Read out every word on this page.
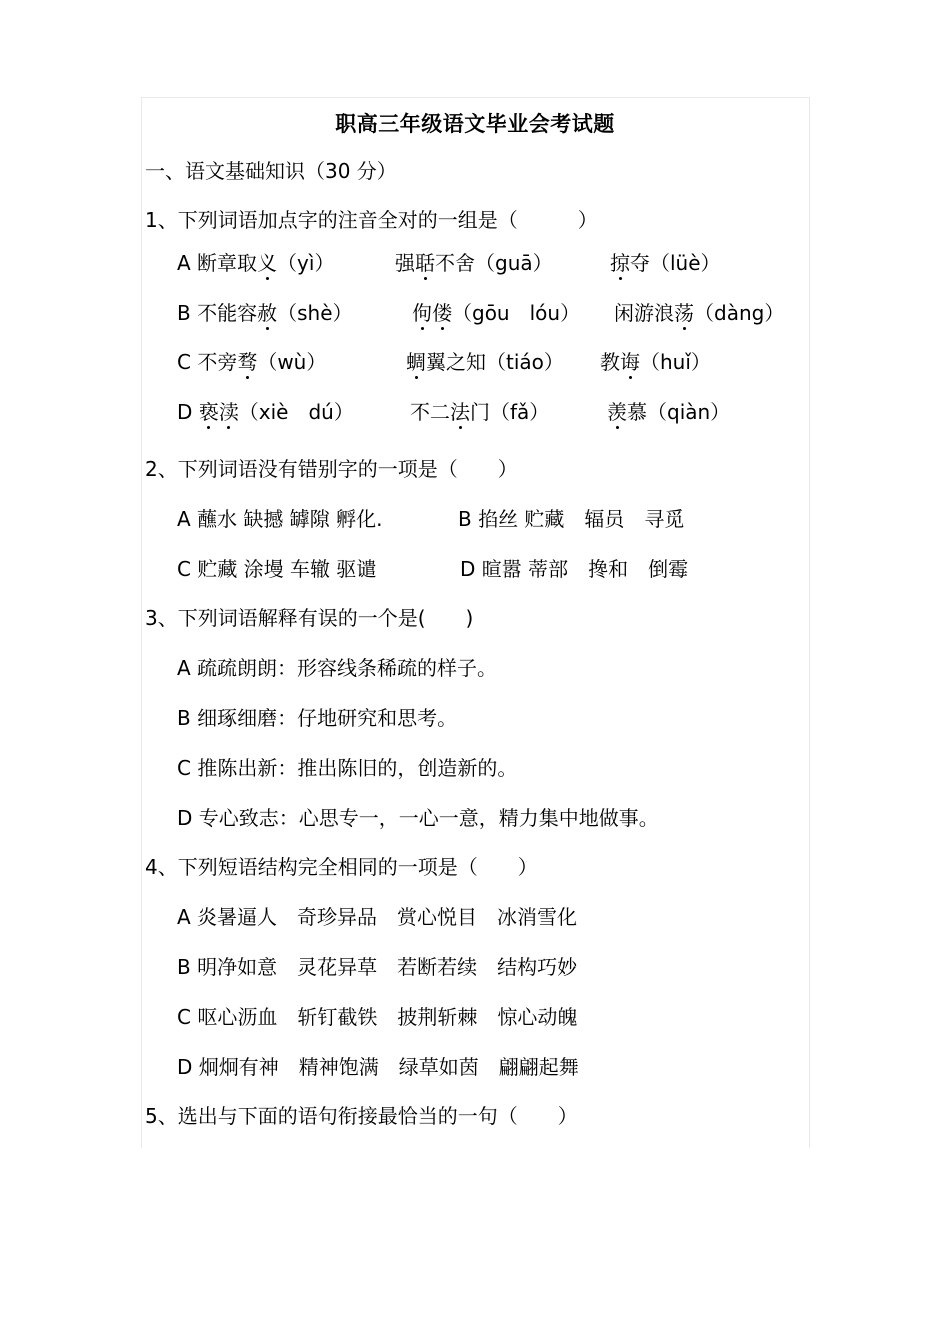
职高三年级语文毕业会考试题
一、语文基础知识（30 分）
1、下列词语加点字的注音全对的一组是（　　　）
A 断章取义（yì）	强聒不舍（guā）	掠夺（lüè）
B 不能容赦（shè）	佝偻（gōu　lóu） 闲游浪荡（dàng）
C 不旁骛（wù）	蜩翼之知（tiáo） 教诲（huǐ）
D 亵渎（xiè　dú）	不二法门（fǎ）	羡慕（qiàn）
2、下列词语没有错别字的一项是（　　）
A 蘸水 缺撼 罅隙 孵化.	B 掐丝 贮藏　辐员　寻觅
C 贮藏 涂墁 车辙 驱谴	D 暄嚣 蒂部　搀和　倒霉
3、下列词语解释有误的一个是(　　)
A 疏疏朗朗：形容线条稀疏的样子。
B 细琢细磨：仔地研究和思考。
C 推陈出新：推出陈旧的，创造新的。
D 专心致志：心思专一，一心一意，精力集中地做事。
4、下列短语结构完全相同的一项是（　　）
A 炎暑逼人　奇珍异品　赏心悦目　冰消雪化
B 明净如意　灵花异草　若断若续　结构巧妙
C 呕心沥血　斩钉截铁　披荆斩棘　惊心动魄
D 炯炯有神　精神饱满　绿草如茵　翩翩起舞
5、选出与下面的语句衔接最恰当的一句（　　）
